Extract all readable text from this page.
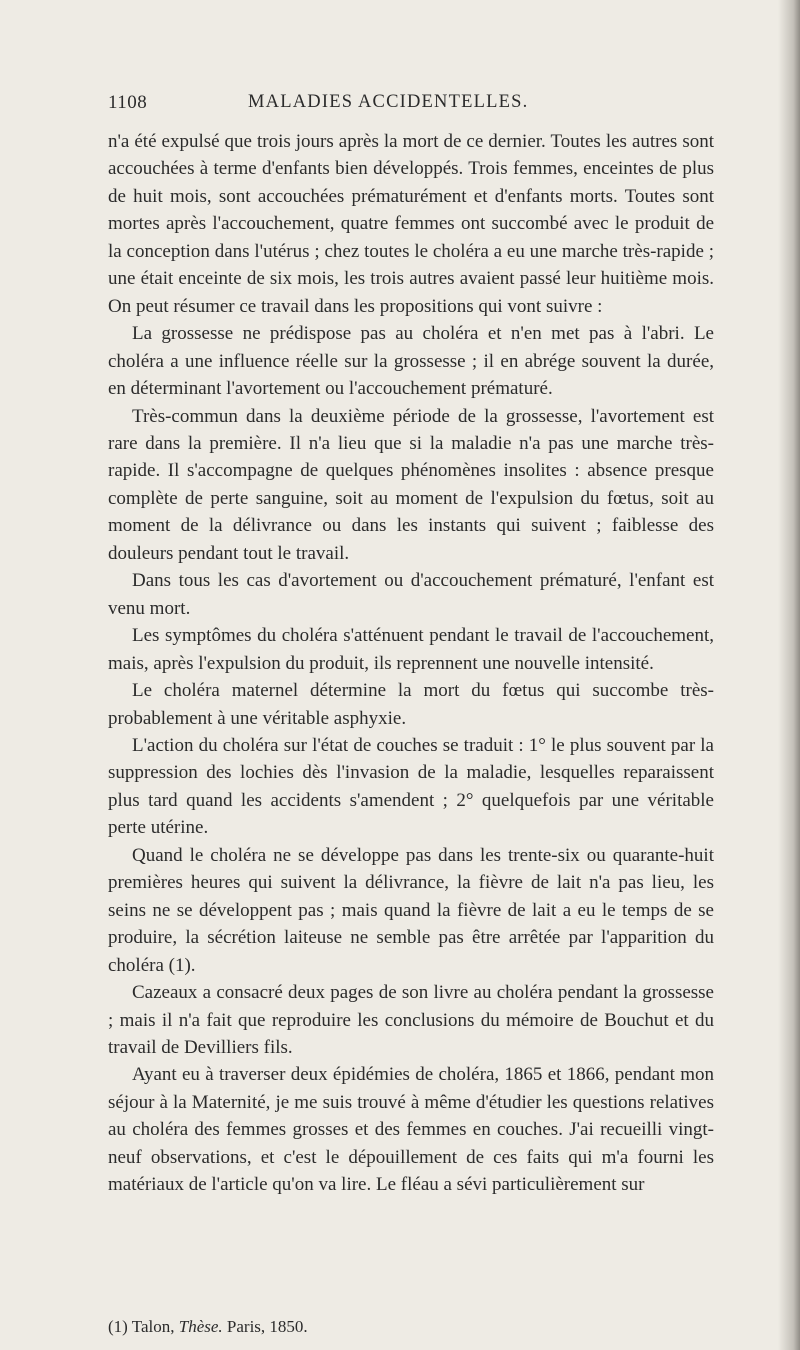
1108	MALADIES ACCIDENTELLES.

n'a été expulsé que trois jours après la mort de ce dernier. Toutes les autres sont accouchées à terme d'enfants bien développés. Trois femmes, enceintes de plus de huit mois, sont accouchées prématurément et d'enfants morts. Toutes sont mortes après l'accouchement, quatre femmes ont succombé avec le produit de la conception dans l'utérus ; chez toutes le choléra a eu une marche très-rapide ; une était enceinte de six mois, les trois autres avaient passé leur huitième mois. On peut résumer ce travail dans les propositions qui vont suivre :

La grossesse ne prédispose pas au choléra et n'en met pas à l'abri. Le choléra a une influence réelle sur la grossesse ; il en abrége souvent la durée, en déterminant l'avortement ou l'accouchement prématuré.

Très-commun dans la deuxième période de la grossesse, l'avortement est rare dans la première. Il n'a lieu que si la maladie n'a pas une marche très-rapide. Il s'accompagne de quelques phénomènes insolites : absence presque complète de perte sanguine, soit au moment de l'expulsion du fœtus, soit au moment de la délivrance ou dans les instants qui suivent ; faiblesse des douleurs pendant tout le travail.

Dans tous les cas d'avortement ou d'accouchement prématuré, l'enfant est venu mort.

Les symptômes du choléra s'atténuent pendant le travail de l'accouchement, mais, après l'expulsion du produit, ils reprennent une nouvelle intensité.

Le choléra maternel détermine la mort du fœtus qui succombe très-probablement à une véritable asphyxie.

L'action du choléra sur l'état de couches se traduit : 1° le plus souvent par la suppression des lochies dès l'invasion de la maladie, lesquelles reparaissent plus tard quand les accidents s'amendent ; 2° quelquefois par une véritable perte utérine.

Quand le choléra ne se développe pas dans les trente-six ou quarante-huit premières heures qui suivent la délivrance, la fièvre de lait n'a pas lieu, les seins ne se développent pas ; mais quand la fièvre de lait a eu le temps de se produire, la sécrétion laiteuse ne semble pas être arrêtée par l'apparition du choléra (1).

Cazeaux a consacré deux pages de son livre au choléra pendant la grossesse ; mais il n'a fait que reproduire les conclusions du mémoire de Bouchut et du travail de Devilliers fils.

Ayant eu à traverser deux épidémies de choléra, 1865 et 1866, pendant mon séjour à la Maternité, je me suis trouvé à même d'étudier les questions relatives au choléra des femmes grosses et des femmes en couches. J'ai recueilli vingt-neuf observations, et c'est le dépouillement de ces faits qui m'a fourni les matériaux de l'article qu'on va lire. Le fléau a sévi particulièrement sur

(1) Talon, Thèse. Paris, 1850.
